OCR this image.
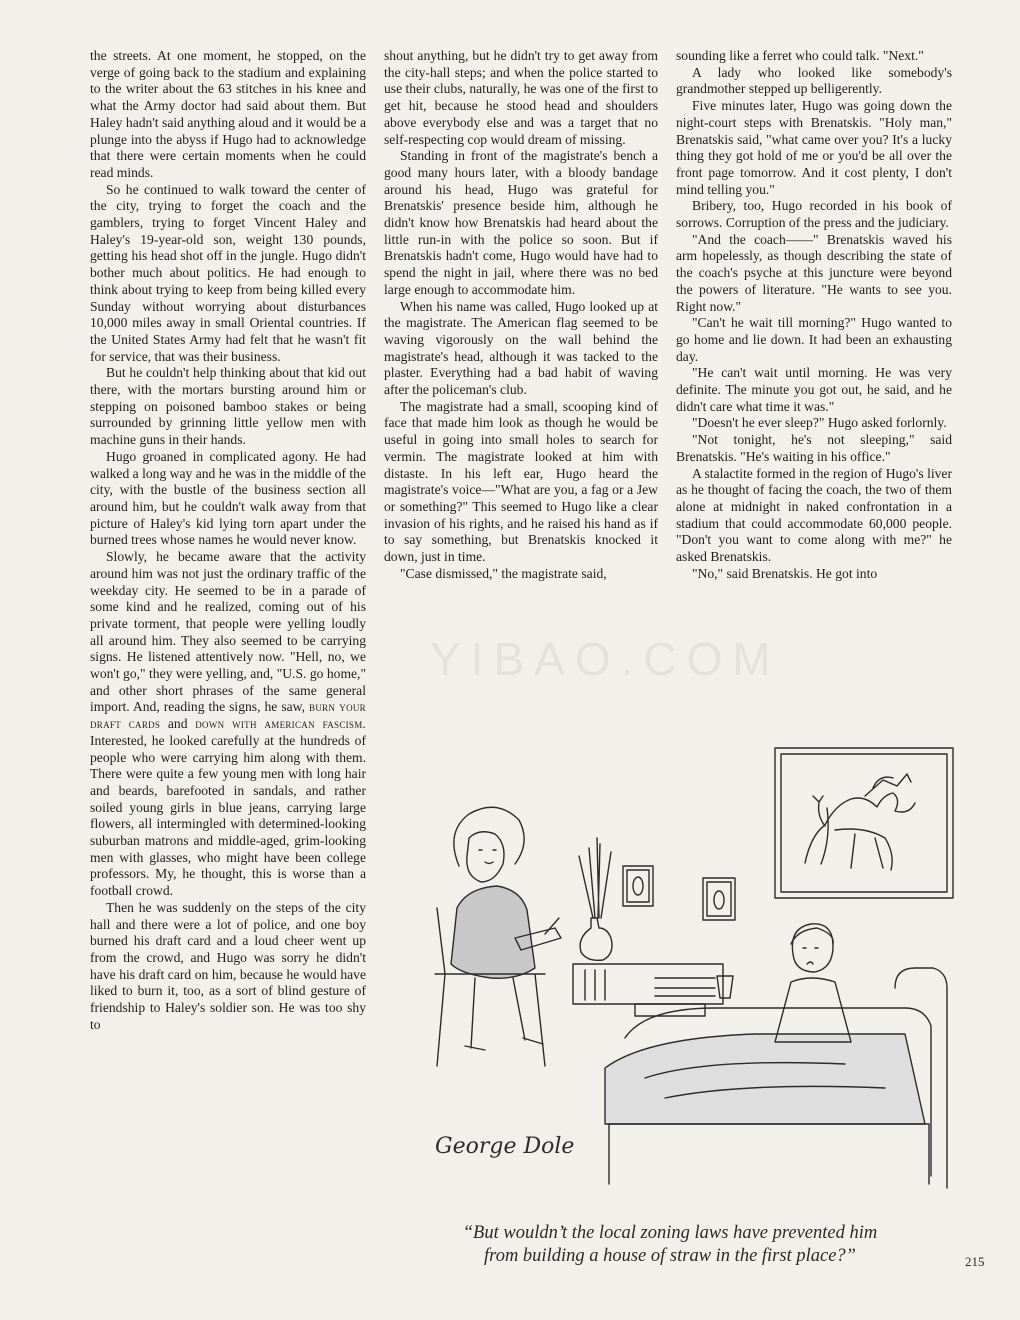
the streets. At one moment, he stopped, on the verge of going back to the stadium and explaining to the writer about the 63 stitches in his knee and what the Army doctor had said about them. But Haley hadn't said anything aloud and it would be a plunge into the abyss if Hugo had to acknowledge that there were certain moments when he could read minds.

So he continued to walk toward the center of the city, trying to forget the coach and the gamblers, trying to forget Vincent Haley and Haley's 19-year-old son, weight 130 pounds, getting his head shot off in the jungle. Hugo didn't bother much about politics. He had enough to think about trying to keep from being killed every Sunday without worrying about disturbances 10,000 miles away in small Oriental countries. If the United States Army had felt that he wasn't fit for service, that was their business.

But he couldn't help thinking about that kid out there, with the mortars bursting around him or stepping on poisoned bamboo stakes or being surrounded by grinning little yellow men with machine guns in their hands.

Hugo groaned in complicated agony. He had walked a long way and he was in the middle of the city, with the bustle of the business section all around him, but he couldn't walk away from that picture of Haley's kid lying torn apart under the burned trees whose names he would never know.

Slowly, he became aware that the activity around him was not just the ordinary traffic of the weekday city. He seemed to be in a parade of some kind and he realized, coming out of his private torment, that people were yelling loudly all around him. They also seemed to be carrying signs. He listened attentively now. "Hell, no, we won't go," they were yelling, and, "U.S. go home," and other short phrases of the same general import. And, reading the signs, he saw, burn your draft cards and down with american fascism. Interested, he looked carefully at the hundreds of people who were carrying him along with them. There were quite a few young men with long hair and beards, barefooted in sandals, and rather soiled young girls in blue jeans, carrying large flowers, all intermingled with determined-looking suburban matrons and middle-aged, grim-looking men with glasses, who might have been college professors. My, he thought, this is worse than a football crowd.

Then he was suddenly on the steps of the city hall and there were a lot of police, and one boy burned his draft card and a loud cheer went up from the crowd, and Hugo was sorry he didn't have his draft card on him, because he would have liked to burn it, too, as a sort of blind gesture of friendship to Haley's soldier son. He was too shy to

shout anything, but he didn't try to get away from the city-hall steps; and when the police started to use their clubs, naturally, he was one of the first to get hit, because he stood head and shoulders above everybody else and was a target that no self-respecting cop would dream of missing.

Standing in front of the magistrate's bench a good many hours later, with a bloody bandage around his head, Hugo was grateful for Brenatskis' presence beside him, although he didn't know how Brenatskis had heard about the little run-in with the police so soon. But if Brenatskis hadn't come, Hugo would have had to spend the night in jail, where there was no bed large enough to accommodate him.

When his name was called, Hugo looked up at the magistrate. The American flag seemed to be waving vigorously on the wall behind the magistrate's head, although it was tacked to the plaster. Everything had a bad habit of waving after the policeman's club.

The magistrate had a small, scooping kind of face that made him look as though he would be useful in going into small holes to search for vermin. The magistrate looked at him with distaste. In his left ear, Hugo heard the magistrate's voice—"What are you, a fag or a Jew or something?" This seemed to Hugo like a clear invasion of his rights, and he raised his hand as if to say something, but Brenatskis knocked it down, just in time.

"Case dismissed," the magistrate said,

sounding like a ferret who could talk. "Next."

A lady who looked like somebody's grandmother stepped up belligerently.

Five minutes later, Hugo was going down the night-court steps with Brenatskis. "Holy man," Brenatskis said, "what came over you? It's a lucky thing they got hold of me or you'd be all over the front page tomorrow. And it cost plenty, I don't mind telling you."

Bribery, too, Hugo recorded in his book of sorrows. Corruption of the press and the judiciary.

"And the coach——" Brenatskis waved his arm hopelessly, as though describing the state of the coach's psyche at this juncture were beyond the powers of literature. "He wants to see you. Right now."

"Can't he wait till morning?" Hugo wanted to go home and lie down. It had been an exhausting day.

"He can't wait until morning. He was very definite. The minute you got out, he said, and he didn't care what time it was."

"Doesn't he ever sleep?" Hugo asked forlornly.

"Not tonight, he's not sleeping," said Brenatskis. "He's waiting in his office."

A stalactite formed in the region of Hugo's liver as he thought of facing the coach, the two of them alone at midnight in naked confrontation in a stadium that could accommodate 60,000 people. "Don't you want to come along with me?" he asked Brenatskis.

"No," said Brenatskis. He got into

YIBAO.COM
George Dole
“But wouldn’t the local zoning laws have prevented him
from building a house of straw in the first place?”	215
